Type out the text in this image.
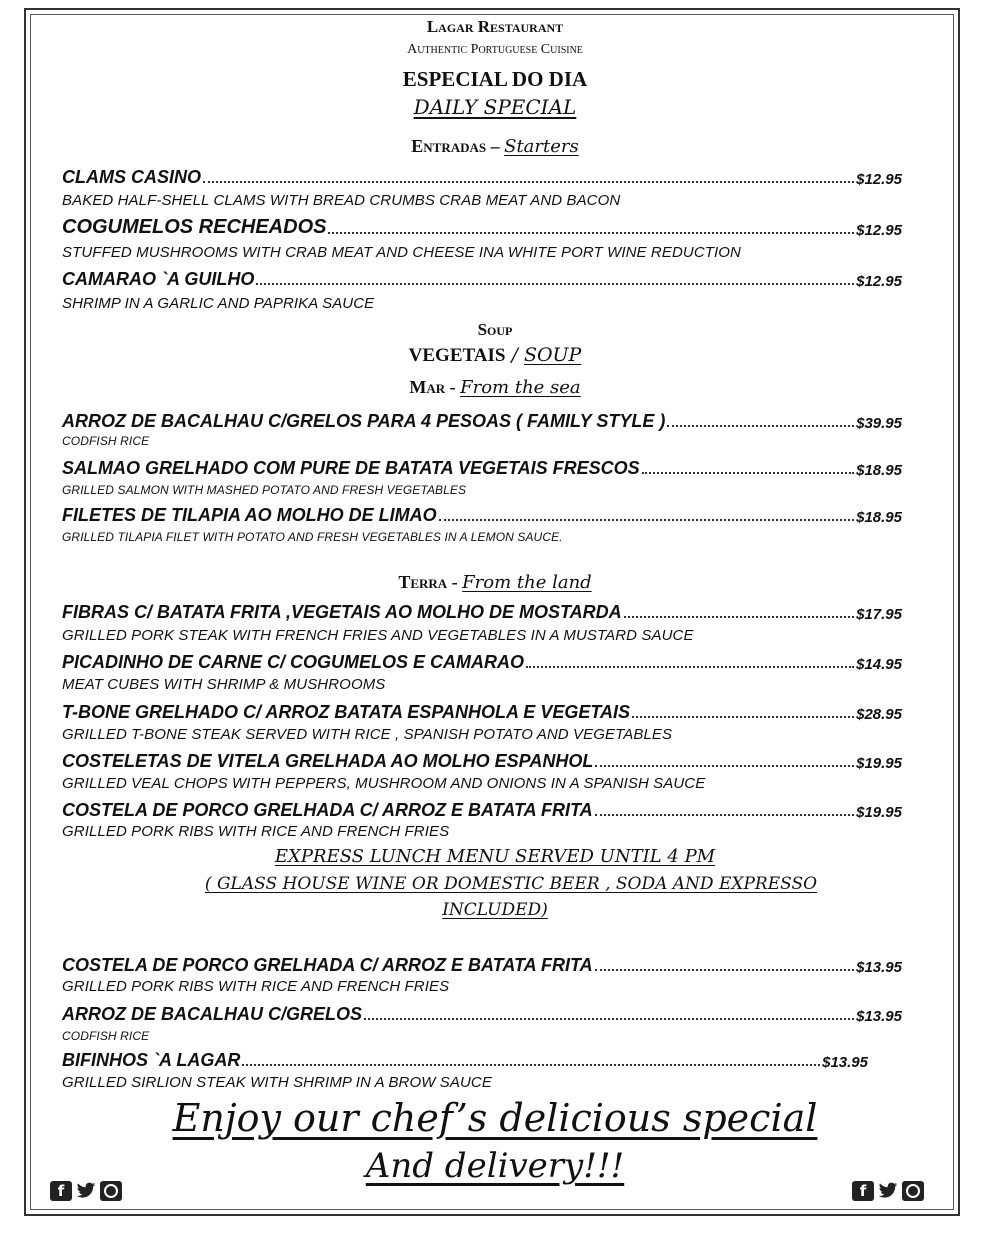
Lagar Restaurant
Authentic Portuguese Cuisine
ESPECIAL DO DIA
DAILY SPECIAL
Entradas – Starters
CLAMS CASINO	$12.95
BAKED HALF-SHELL CLAMS WITH BREAD CRUMBS CRAB MEAT AND BACON
COGUMELOS RECHEADOS	$12.95
STUFFED MUSHROOMS WITH CRAB MEAT AND CHEESE INA WHITE PORT WINE REDUCTION
CAMARAO `A GUILHO	$12.95
SHRIMP IN A GARLIC AND PAPRIKA SAUCE
Soup
VEGETAIS / SOUP
Mar - From the sea
ARROZ DE BACALHAU C/GRELOS PARA 4 PESOAS ( FAMILY STYLE )	$39.95
CODFISH RICE
SALMAO GRELHADO COM PURE DE BATATA VEGETAIS FRESCOS	$18.95
GRILLED SALMON WITH MASHED POTATO AND FRESH VEGETABLES
FILETES DE TILAPIA AO MOLHO DE LIMAO	$18.95
GRILLED TILAPIA FILET WITH POTATO AND FRESH VEGETABLES IN A LEMON SAUCE.
Terra - From the land
FIBRAS C/ BATATA FRITA ,VEGETAIS AO MOLHO DE MOSTARDA	$17.95
GRILLED PORK STEAK WITH FRENCH FRIES AND VEGETABLES IN A MUSTARD SAUCE
PICADINHO DE CARNE C/ COGUMELOS E CAMARAO	$14.95
MEAT CUBES WITH SHRIMP & MUSHROOMS
T-BONE GRELHADO C/ ARROZ BATATA ESPANHOLA E VEGETAIS	$28.95
GRILLED T-BONE STEAK SERVED WITH RICE , SPANISH POTATO AND VEGETABLES
COSTELETAS DE VITELA GRELHADA AO MOLHO ESPANHOL	$19.95
GRILLED VEAL CHOPS WITH PEPPERS, MUSHROOM AND ONIONS IN A SPANISH SAUCE
COSTELA DE PORCO GRELHADA C/ ARROZ E BATATA FRITA	$19.95
GRILLED PORK RIBS WITH RICE AND FRENCH FRIES
EXPRESS LUNCH MENU SERVED UNTIL 4 PM
( GLASS HOUSE WINE OR DOMESTIC BEER , SODA AND EXPRESSO
INCLUDED)
COSTELA DE PORCO GRELHADA C/ ARROZ E BATATA FRITA	$13.95
GRILLED PORK RIBS WITH RICE AND FRENCH FRIES
ARROZ DE BACALHAU C/GRELOS	$13.95
CODFISH RICE
BIFINHOS `A LAGAR	$13.95
GRILLED SIRLION STEAK WITH SHRIMP IN A BROW SAUCE
Enjoy our chef’s delicious special
And delivery!!!
f	f
